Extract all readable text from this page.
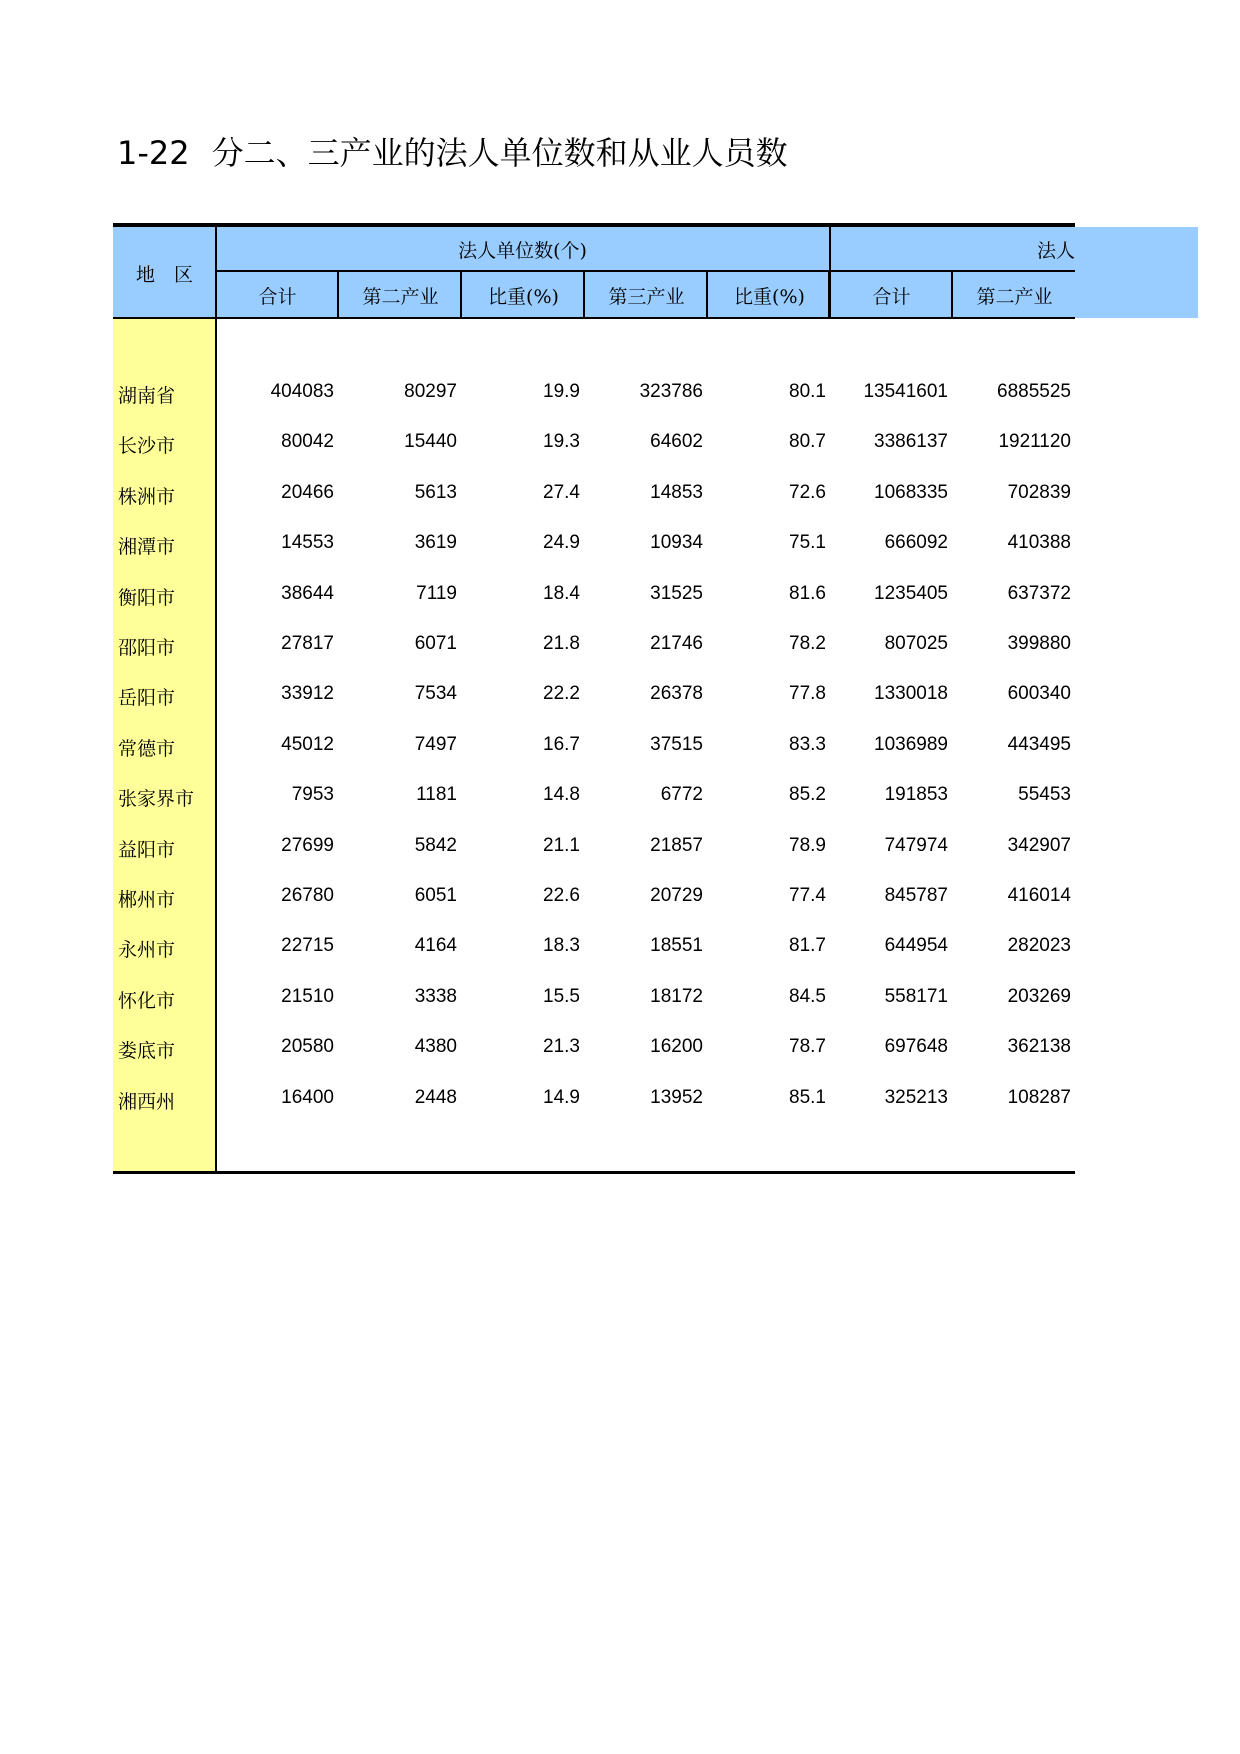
1-22 分二、三产业的法人单位数和从业人员数
地　区
法人单位数(个)	法人
合计	第二产业	比重(%)	第三产业	比重(%)	合计	第二产业
湖南省	404083	80297	19.9	323786	80.1	13541601	6885525
长沙市	80042	15440	19.3	64602	80.7	3386137	1921120
株洲市	20466	5613	27.4	14853	72.6	1068335	702839
湘潭市	14553	3619	24.9	10934	75.1	666092	410388
衡阳市	38644	7119	18.4	31525	81.6	1235405	637372
邵阳市	27817	6071	21.8	21746	78.2	807025	399880
岳阳市	33912	7534	22.2	26378	77.8	1330018	600340
常德市	45012	7497	16.7	37515	83.3	1036989	443495
张家界市	7953	1181	14.8	6772	85.2	191853	55453
益阳市	27699	5842	21.1	21857	78.9	747974	342907
郴州市	26780	6051	22.6	20729	77.4	845787	416014
永州市	22715	4164	18.3	18551	81.7	644954	282023
怀化市	21510	3338	15.5	18172	84.5	558171	203269
娄底市	20580	4380	21.3	16200	78.7	697648	362138
湘西州	16400	2448	14.9	13952	85.1	325213	108287
